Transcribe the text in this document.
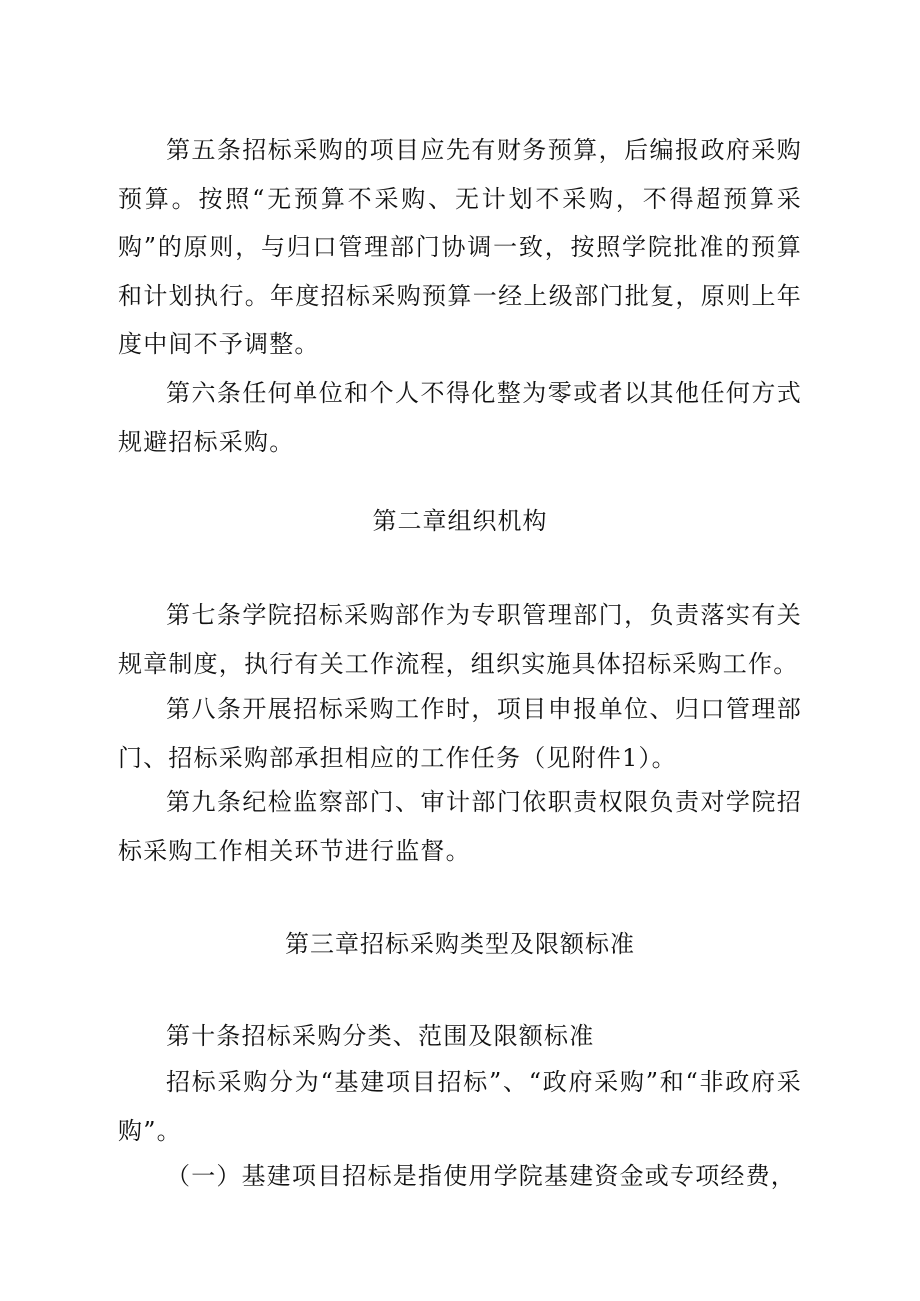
第五条招标采购的项目应先有财务预算，后编报政府采购预算。按照“无预算不采购、无计划不采购，不得超预算采购”的原则，与归口管理部门协调一致，按照学院批准的预算和计划执行。年度招标采购预算一经上级部门批复，原则上年度中间不予调整。

第六条任何单位和个人不得化整为零或者以其他任何方式规避招标采购。

第二章组织机构

第七条学院招标采购部作为专职管理部门，负责落实有关规章制度，执行有关工作流程，组织实施具体招标采购工作。

第八条开展招标采购工作时，项目申报单位、归口管理部门、招标采购部承担相应的工作任务（见附件1）。

第九条纪检监察部门、审计部门依职责权限负责对学院招标采购工作相关环节进行监督。

第三章招标采购类型及限额标准

第十条招标采购分类、范围及限额标准

招标采购分为“基建项目招标”、“政府采购”和“非政府采购”。

（一）基建项目招标是指使用学院基建资金或专项经费，
